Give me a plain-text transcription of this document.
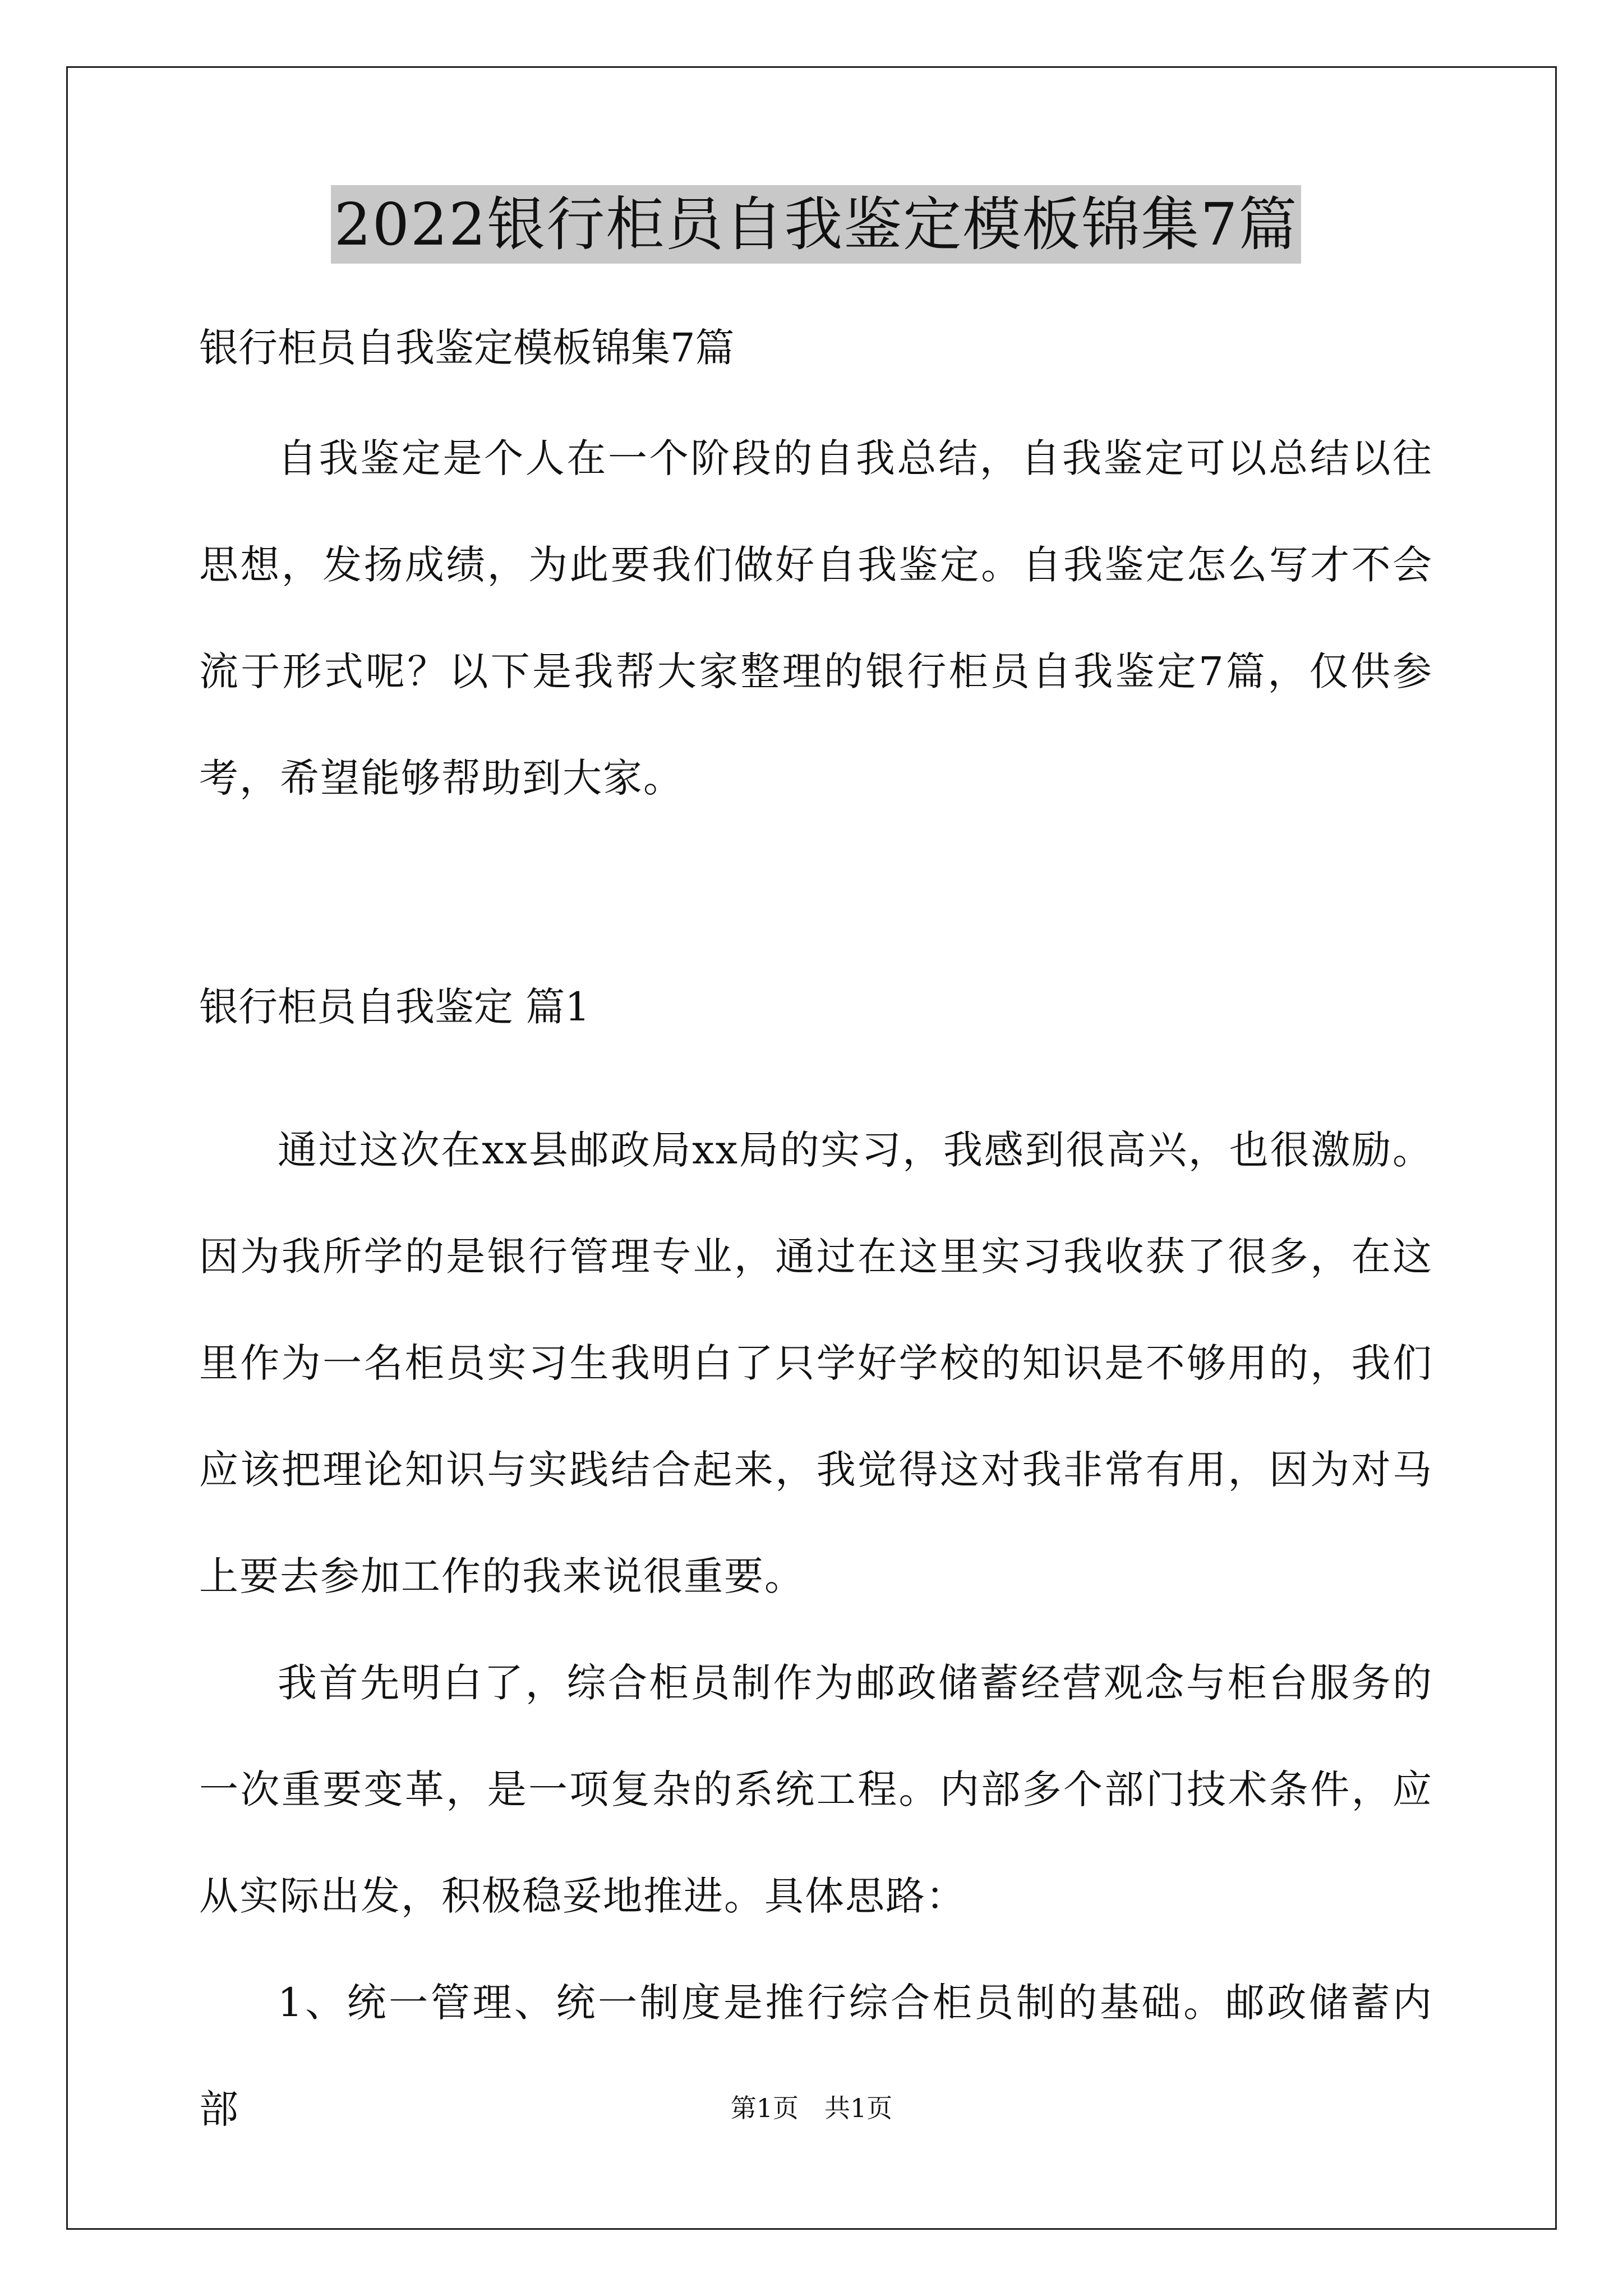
2022银行柜员自我鉴定模板锦集7篇
银行柜员自我鉴定模板锦集7篇
自我鉴定是个人在一个阶段的自我总结，自我鉴定可以总结以往思想，发扬成绩，为此要我们做好自我鉴定。自我鉴定怎么写才不会流于形式呢？以下是我帮大家整理的银行柜员自我鉴定7篇，仅供参考，希望能够帮助到大家。
银行柜员自我鉴定 篇1
通过这次在xx县邮政局xx局的实习，我感到很高兴，也很激励。因为我所学的是银行管理专业，通过在这里实习我收获了很多，在这里作为一名柜员实习生我明白了只学好学校的知识是不够用的，我们应该把理论知识与实践结合起来，我觉得这对我非常有用，因为对马上要去参加工作的我来说很重要。
我首先明白了，综合柜员制作为邮政储蓄经营观念与柜台服务的一次重要变革，是一项复杂的系统工程。内部多个部门技术条件，应从实际出发，积极稳妥地推进。具体思路：
1、统一管理、统一制度是推行综合柜员制的基础。邮政储蓄内部	第1页　共1页
